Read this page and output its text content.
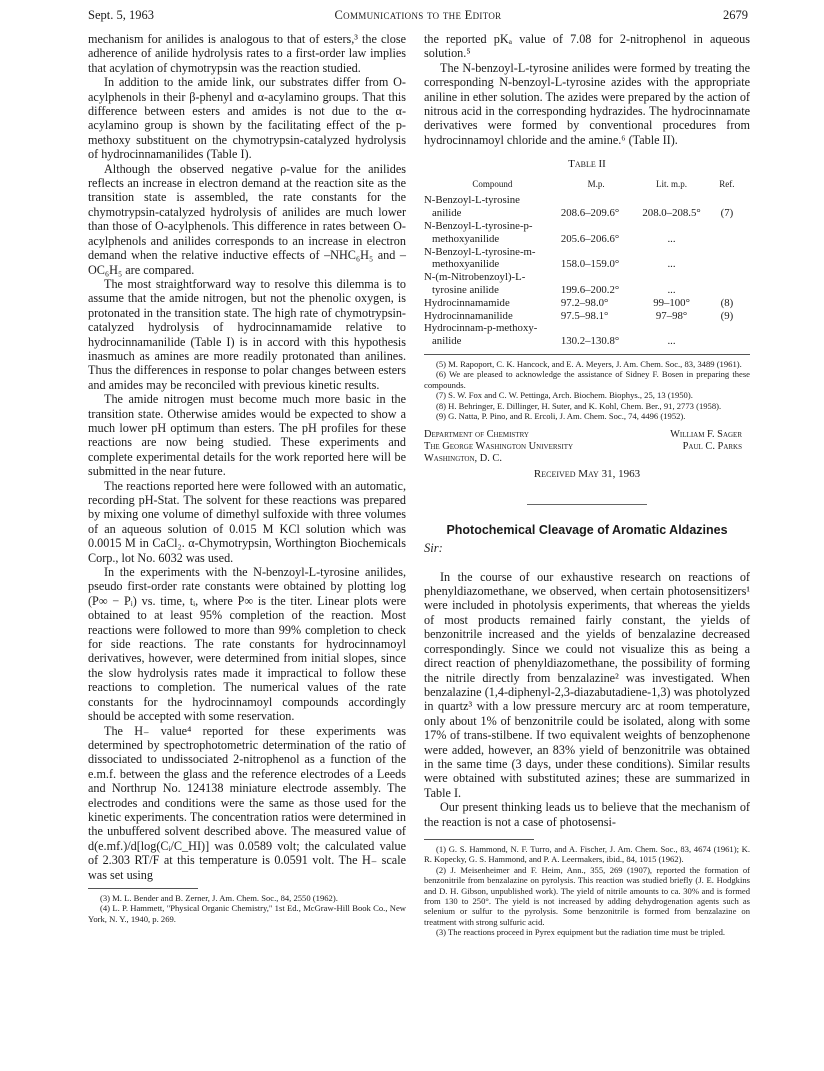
Sept. 5, 1963	Communications to the Editor	2679

mechanism for anilides is analogous to that of esters,³ the close adherence of anilide hydrolysis rates to a first-order law implies that acylation of chymotrypsin was the reaction studied.

In addition to the amide link, our substrates differ from O-acylphenols in their β-phenyl and α-acylamino groups. That this difference between esters and amides is not due to the α-acylamino group is shown by the facilitating effect of the p-methoxy substituent on the chymotrypsin-catalyzed hydrolysis of hydrocinnamanilides (Table I).

Although the observed negative ρ-value for the anilides reflects an increase in electron demand at the reaction site as the transition state is assembled, the rate constants for the chymotrypsin-catalyzed hydrolysis of anilides are much lower than those of O-acylphenols. This difference in rates between O-acylphenols and anilides corresponds to an increase in electron demand when the relative inductive effects of –NHC₆H₅ and –OC₆H₅ are compared.

The most straightforward way to resolve this dilemma is to assume that the amide nitrogen, but not the phenolic oxygen, is protonated in the transition state. The high rate of chymotrypsin-catalyzed hydrolysis of hydrocinnamamide relative to hydrocinnamanilide (Table I) is in accord with this hypothesis inasmuch as amines are more readily protonated than anilines. Thus the differences in response to polar changes between esters and amides may be reconciled with previous kinetic results.

The amide nitrogen must become much more basic in the transition state. Otherwise amides would be expected to show a much lower pH optimum than esters. The pH profiles for these reactions are now being studied. These experiments and complete experimental details for the work reported here will be submitted in the near future.

The reactions reported here were followed with an automatic, recording pH-Stat. The solvent for these reactions was prepared by mixing one volume of dimethyl sulfoxide with three volumes of an aqueous solution of 0.015 M KCl solution which was 0.0015 M in CaCl₂. α-Chymotrypsin, Worthington Biochemicals Corp., lot No. 6032 was used.

In the experiments with the N-benzoyl-L-tyrosine anilides, pseudo first-order rate constants were obtained by plotting log (P∞ − Pᵢ) vs. time, tᵢ, where P∞ is the titer. Linear plots were obtained to at least 95% completion of the reaction. Most reactions were followed to more than 99% completion to check for side reactions. The rate constants for hydrocinnamoyl derivatives, however, were determined from initial slopes, since the slow hydrolysis rates made it impractical to follow these reactions to completion. The numerical values of the rate constants for the hydrocinnamoyl compounds accordingly should be accepted with some reservation.

The H₋ value⁴ reported for these experiments was determined by spectrophotometric determination of the ratio of dissociated to undissociated 2-nitrophenol as a function of the e.m.f. between the glass and the reference electrodes of a Leeds and Northrup No. 124138 miniature electrode assembly. The electrodes and conditions were the same as those used for the kinetic experiments. The concentration ratios were determined in the unbuffered solvent described above. The measured value of d(e.mf.)/d[log(Cᵢ/C_HI)] was 0.0589 volt; the calculated value of 2.303 RT/F at this temperature is 0.0591 volt. The H₋ scale was set using

(3) M. L. Bender and B. Zerner, J. Am. Chem. Soc., 84, 2550 (1962).

(4) L. P. Hammett, "Physical Organic Chemistry," 1st Ed., McGraw-Hill Book Co., New York, N. Y., 1940, p. 269.

the reported pKₐ value of 7.08 for 2-nitrophenol in aqueous solution.⁵

The N-benzoyl-L-tyrosine anilides were formed by treating the corresponding N-benzoyl-L-tyrosine azides with the appropriate aniline in ether solution. The azides were prepared by the action of nitrous acid in the corresponding hydrazides. The hydrocinnamate derivatives were formed by conventional procedures from hydrocinnamoyl chloride and the amine.⁶ (Table II).

Table II
Compound	M.p.	Lit. m.p.	Ref.
N-Benzoyl-L-tyrosine			
anilide	208.6–209.6°	208.0–208.5°	(7)
N-Benzoyl-L-tyrosine-p-			
methoxyanilide	205.6–206.6°	...	
N-Benzoyl-L-tyrosine-m-			
methoxyanilide	158.0–159.0°	...	
N-(m-Nitrobenzoyl)-L-			
tyrosine anilide	199.6–200.2°	...	
Hydrocinnamamide	97.2–98.0°	99–100°	(8)
Hydrocinnamanilide	97.5–98.1°	97–98°	(9)
Hydrocinnam-p-methoxy-			
anilide	130.2–130.8°	...	

(5) M. Rapoport, C. K. Hancock, and E. A. Meyers, J. Am. Chem. Soc., 83, 3489 (1961).

(6) We are pleased to acknowledge the assistance of Sidney F. Bosen in preparing these compounds.

(7) S. W. Fox and C. W. Pettinga, Arch. Biochem. Biophys., 25, 13 (1950).

(8) H. Behringer, E. Dillinger, H. Suter, and K. Kohl, Chem. Ber., 91, 2773 (1958).

(9) G. Natta, P. Pino, and R. Ercoli, J. Am. Chem. Soc., 74, 4496 (1952).

Department of Chemistry
The George Washington University
Washington, D. C.
William F. Sager
Paul C. Parks
Received May 31, 1963
Photochemical Cleavage of Aromatic Aldazines
Sir:

In the course of our exhaustive research on reactions of phenyldiazomethane, we observed, when certain photosensitizers¹ were included in photolysis experiments, that whereas the yields of most products remained fairly constant, the yields of benzonitrile increased and the yields of benzalazine decreased correspondingly. Since we could not visualize this as being a direct reaction of phenyldiazomethane, the possibility of forming the nitrile directly from benzalazine² was investigated. When benzalazine (1,4-diphenyl-2,3-diazabutadiene-1,3) was photolyzed in quartz³ with a low pressure mercury arc at room temperature, only about 1% of benzonitrile could be isolated, along with some 17% of trans-stilbene. If two equivalent weights of benzophenone were added, however, an 83% yield of benzonitrile was obtained in the same time (3 days, under these conditions). Similar results were obtained with substituted azines; these are summarized in Table I.

Our present thinking leads us to believe that the mechanism of the reaction is not a case of photosensi-

(1) G. S. Hammond, N. F. Turro, and A. Fischer, J. Am. Chem. Soc., 83, 4674 (1961); K. R. Kopecky, G. S. Hammond, and P. A. Leermakers, ibid., 84, 1015 (1962).

(2) J. Meisenheimer and F. Heim, Ann., 355, 269 (1907), reported the formation of benzonitrile from benzalazine on pyrolysis. This reaction was studied briefly (J. E. Hodgkins and D. H. Gibson, unpublished work). The yield of nitrile amounts to ca. 30% and is formed from 130 to 250°. The yield is not increased by adding dehydrogenation agents such as selenium or sulfur to the pyrolysis. Some benzonitrile is formed from benzalazine on treatment with strong sulfuric acid.

(3) The reactions proceed in Pyrex equipment but the radiation time must be tripled.
